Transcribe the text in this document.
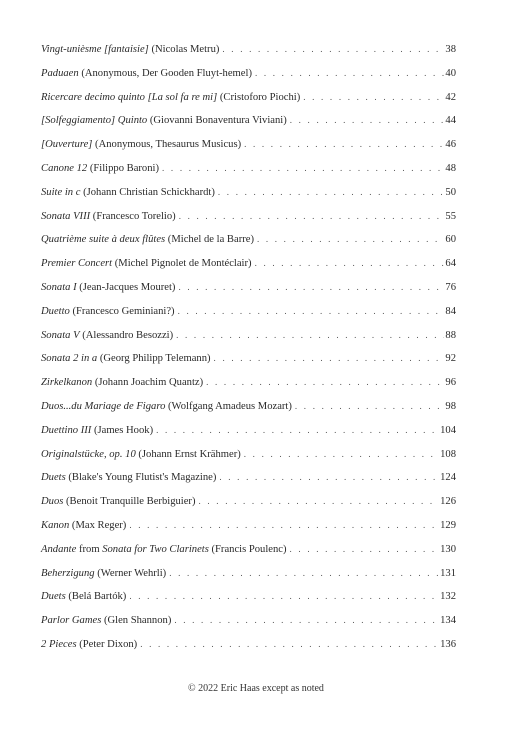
Vingt-unièsme [fantaisie] (Nicolas Metru) . . .	38
Paduaen (Anonymous, Der Gooden Fluyt-hemel) . . .	40
Ricercare decimo quinto [La sol fa re mi] (Cristoforo Piochi) . . .	42
[Solfeggiamento] Quinto (Giovanni Bonaventura Viviani) . . .	44
[Ouverture] (Anonymous, Thesaurus Musicus) . . .	46
Canone 12 (Filippo Baroni) . . .	48
Suite in c (Johann Christian Schickhardt) . . .	50
Sonata VIII (Francesco Torelio) . . .	55
Quatrième suite à deux flûtes (Michel de la Barre) . . .	60
Premier Concert (Michel Pignolet de Montéclair) . . .	64
Sonata I (Jean-Jacques Mouret) . . .	76
Duetto (Francesco Geminiani?) . . .	84
Sonata V (Alessandro Besozzi) . . .	88
Sonata 2 in a (Georg Philipp Telemann) . . .	92
Zirkelkanon (Johann Joachim Quantz) . . .	96
Duos...du Mariage de Figaro (Wolfgang Amadeus Mozart) . . .	98
Duettino III (James Hook) . . .	104
Originalstücke, op. 10 (Johann Ernst Krähmer) . . .	108
Duets (Blake's Young Flutist's Magazine) . . .	124
Duos (Benoit Tranquille Berbiguier) . . .	126
Kanon (Max Reger) . . .	129
Andante from Sonata for Two Clarinets (Francis Poulenc) . . .	130
Beherzigung (Werner Wehrli) . . .	131
Duets (Belá Bartók) . . .	132
Parlor Games (Glen Shannon) . . .	134
2 Pieces (Peter Dixon) . . .	136
© 2022 Eric Haas except as noted
